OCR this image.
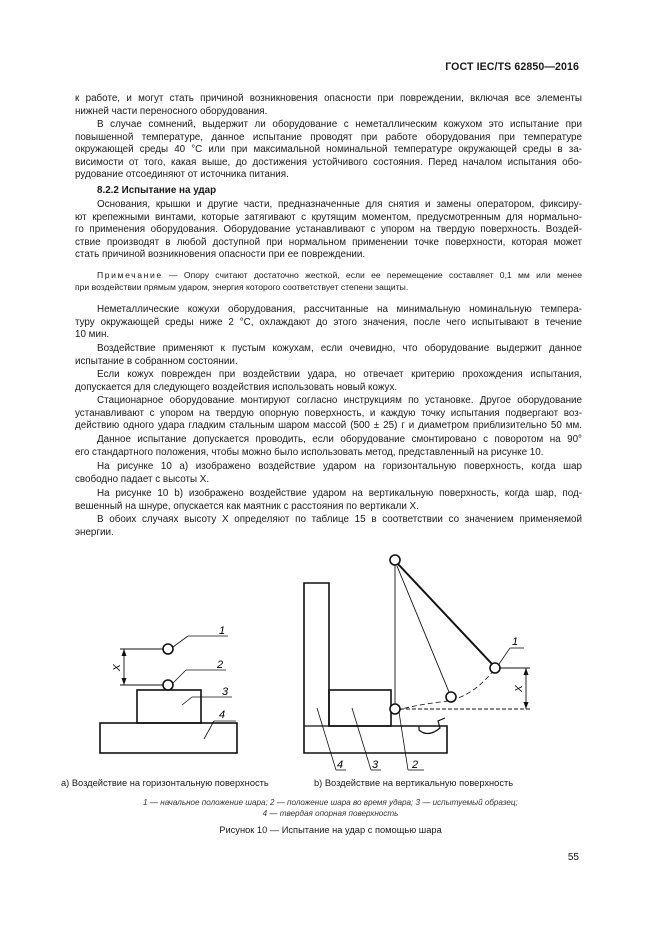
ГОСТ IEC/TS 62850—2016
к работе, и могут стать причиной возникновения опасности при повреждении, включая все элементы
нижней части переносного оборудования.
В случае сомнений, выдержит ли оборудование с неметаллическим кожухом это испытание при
повышенной температуре, данное испытание проводят при работе оборудования при температуре
окружающей среды 40 °С или при максимальной номинальной температуре окружающей среды в за-
висимости от того, какая выше, до достижения устойчивого состояния. Перед началом испытания обо-
рудование отсоединяют от источника питания.
8.2.2 Испытание на удар
Основания, крышки и другие части, предназначенные для снятия и замены оператором, фиксиру-
ют крепежными винтами, которые затягивают с крутящим моментом, предусмотренным для нормально-
го применения оборудования. Оборудование устанавливают с упором на твердую поверхность. Воздей-
ствие производят в любой доступной при нормальном применении точке поверхности, которая может
стать причиной возникновения опасности при ее повреждении.
Примечание — Опору считают достаточно жесткой, если ее перемещение составляет 0,1 мм или менее
при воздействии прямым ударом, энергия которого соответствует степени защиты.
Неметаллические кожухи оборудования, рассчитанные на минимальную номинальную темпера-
туру окружающей среды ниже 2 °С, охлаждают до этого значения, после чего испытывают в течение
10 мин.
Воздействие применяют к пустым кожухам, если очевидно, что оборудование выдержит данное
испытание в собранном состоянии.
Если кожух поврежден при воздействии удара, но отвечает критерию прохождения испытания,
допускается для следующего воздействия использовать новый кожух.
Стационарное оборудование монтируют согласно инструкциям по установке. Другое оборудование
устанавливают с упором на твердую опорную поверхность, и каждую точку испытания подвергают воз-
действию одного удара гладким стальным шаром массой (500 ± 25) г и диаметром приблизительно 50 мм.
Данное испытание допускается проводить, если оборудование смонтировано с поворотом на 90°
его стандартного положения, чтобы можно было использовать метод, представленный на рисунке 10.
На рисунке 10 а) изображено воздействие ударом на горизонтальную поверхность, когда шар
свободно падает с высоты X.
На рисунке 10 b) изображено воздействие ударом на вертикальную поверхность, когда шар, под-
вешенный на шнуре, опускается как маятник с расстояния по вертикали X.
В обоих случаях высоту X определяют по таблице 15 в соответствии со значением применяемой
энергии.
X
1
2
3
4
X
1
4	3	2
а) Воздействие на горизонтальную поверхность	b) Воздействие на вертикальную поверхность
1 — начальное положение шара; 2 — положение шара во время удара; 3 — испытуемый образец;
4 — твердая опорная поверхность
Рисунок 10 — Испытание на удар с помощью шара
55
